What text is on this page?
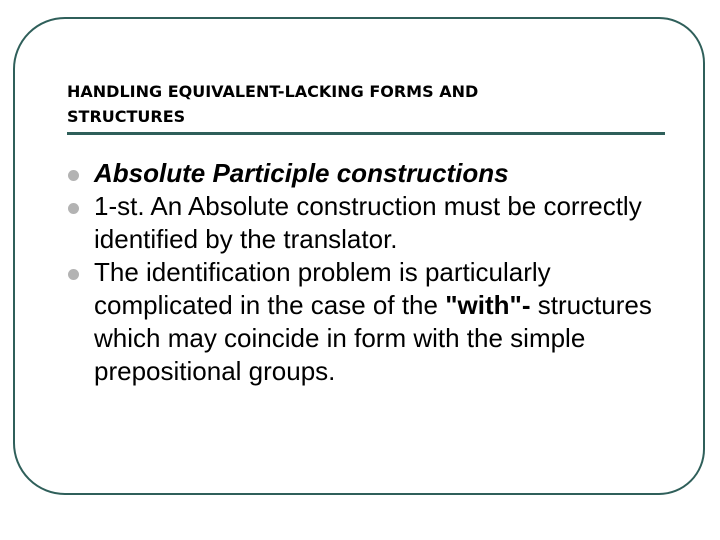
HANDLING EQUIVALENT-LACKING FORMS AND
STRUCTURES
Absolute Participle constructions
1-st. An Absolute construction must be correctly identified by the translator.
The identification problem is particularly complicated in the case of the "with"- structures which may coincide in form with the simple prepositional groups.
